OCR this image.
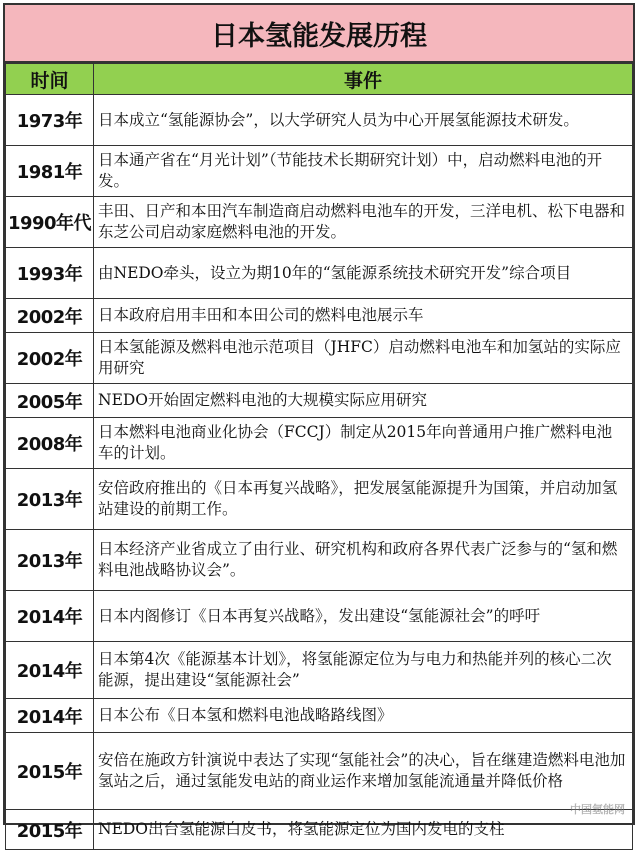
日本氢能发展历程
时间	事件
1973年	日本成立“氢能源协会”，以大学研究人员为中心开展氢能源技术研发。
1981年	日本通产省在“月光计划”（节能技术长期研究计划）中，启动燃料电池的开发。
1990年代	丰田、日产和本田汽车制造商启动燃料电池车的开发，三洋电机、松下电器和东芝公司启动家庭燃料电池的开发。
1993年	由NEDO牵头，设立为期10年的“氢能源系统技术研究开发”综合项目
2002年	日本政府启用丰田和本田公司的燃料电池展示车
2002年	日本氢能源及燃料电池示范项目（JHFC）启动燃料电池车和加氢站的实际应用研究
2005年	NEDO开始固定燃料电池的大规模实际应用研究
2008年	日本燃料电池商业化协会（FCCJ）制定从2015年向普通用户推广燃料电池车的计划。
2013年	安倍政府推出的《日本再复兴战略》，把发展氢能源提升为国策，并启动加氢站建设的前期工作。
2013年	日本经济产业省成立了由行业、研究机构和政府各界代表广泛参与的“氢和燃料电池战略协议会”。
2014年	日本内阁修订《日本再复兴战略》，发出建设“氢能源社会”的呼吁
2014年	日本第4次《能源基本计划》，将氢能源定位为与电力和热能并列的核心二次能源，提出建设“氢能源社会”
2014年	日本公布《日本氢和燃料电池战略路线图》
2015年	安倍在施政方针演说中表达了实现“氢能社会”的决心，旨在继建造燃料电池加氢站之后，通过氢能发电站的商业运作来增加氢能流通量并降低价格
2015年	NEDO出台氢能源白皮书，将氢能源定位为国内发电的支柱
中国氢能网
